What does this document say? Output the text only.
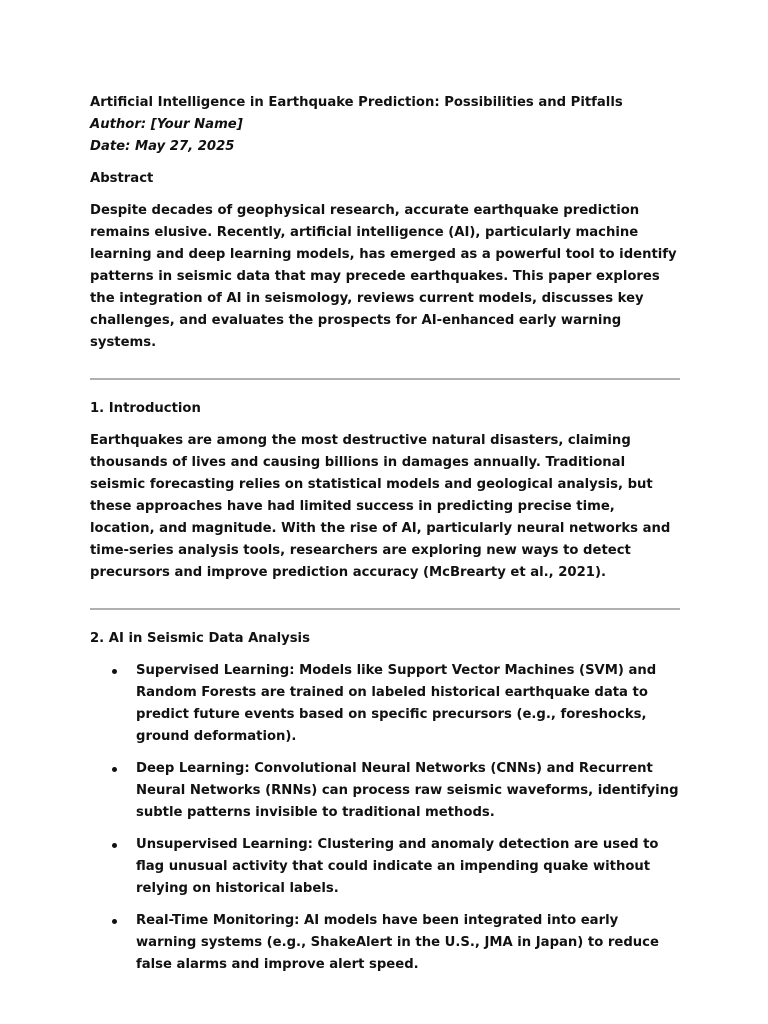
Artificial Intelligence in Earthquake Prediction: Possibilities and Pitfalls

Author: [Your Name]

Date: May 27, 2025

Abstract

Despite decades of geophysical research, accurate earthquake prediction remains elusive. Recently, artificial intelligence (AI), particularly machine learning and deep learning models, has emerged as a powerful tool to identify patterns in seismic data that may precede earthquakes. This paper explores the integration of AI in seismology, reviews current models, discusses key challenges, and evaluates the prospects for AI-enhanced early warning systems.

1. Introduction

Earthquakes are among the most destructive natural disasters, claiming thousands of lives and causing billions in damages annually. Traditional seismic forecasting relies on statistical models and geological analysis, but these approaches have had limited success in predicting precise time, location, and magnitude. With the rise of AI, particularly neural networks and time-series analysis tools, researchers are exploring new ways to detect precursors and improve prediction accuracy (McBrearty et al., 2021).

2. AI in Seismic Data Analysis

Supervised Learning: Models like Support Vector Machines (SVM) and Random Forests are trained on labeled historical earthquake data to predict future events based on specific precursors (e.g., foreshocks, ground deformation).
Deep Learning: Convolutional Neural Networks (CNNs) and Recurrent Neural Networks (RNNs) can process raw seismic waveforms, identifying subtle patterns invisible to traditional methods.
Unsupervised Learning: Clustering and anomaly detection are used to flag unusual activity that could indicate an impending quake without relying on historical labels.
Real-Time Monitoring: AI models have been integrated into early warning systems (e.g., ShakeAlert in the U.S., JMA in Japan) to reduce false alarms and improve alert speed.
